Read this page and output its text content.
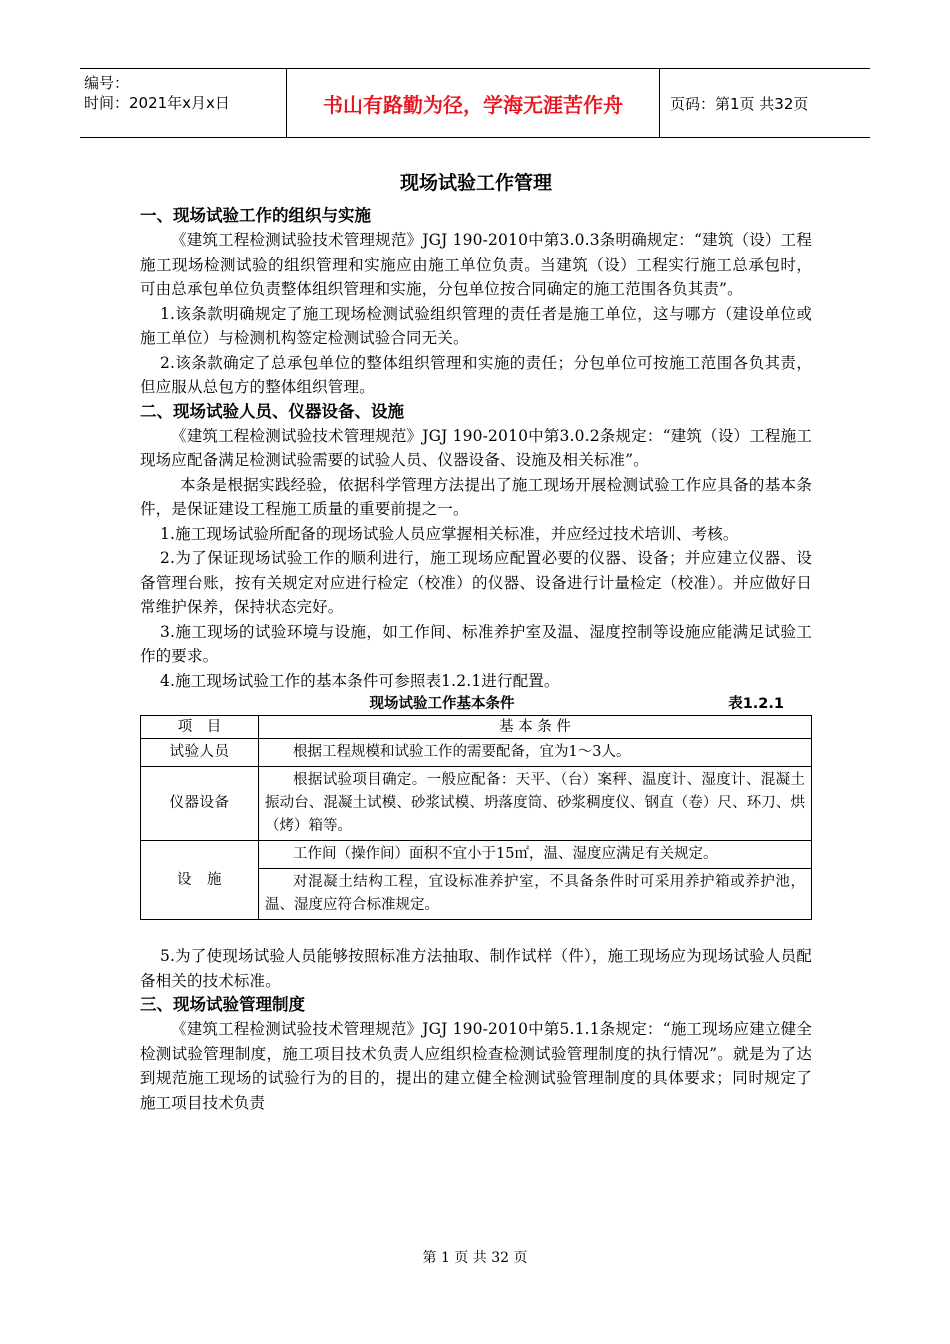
编号：
时间：2021年x月x日	书山有路勤为径，学海无涯苦作舟	页码：第1页 共32页
现场试验工作管理
一、现场试验工作的组织与实施

《建筑工程检测试验技术管理规范》JGJ 190-2010中第3.0.3条明确规定：“建筑（设）工程施工现场检测试验的组织管理和实施应由施工单位负责。当建筑（设）工程实行施工总承包时，可由总承包单位负责整体组织管理和实施，分包单位按合同确定的施工范围各负其责”。

1.该条款明确规定了施工现场检测试验组织管理的责任者是施工单位，这与哪方（建设单位或施工单位）与检测机构签定检测试验合同无关。

2.该条款确定了总承包单位的整体组织管理和实施的责任；分包单位可按施工范围各负其责，但应服从总包方的整体组织管理。

二、现场试验人员、仪器设备、设施

《建筑工程检测试验技术管理规范》JGJ 190-2010中第3.0.2条规定：“建筑（设）工程施工现场应配备满足检测试验需要的试验人员、仪器设备、设施及相关标准”。

本条是根据实践经验，依据科学管理方法提出了施工现场开展检测试验工作应具备的基本条件，是保证建设工程施工质量的重要前提之一。

1.施工现场试验所配备的现场试验人员应掌握相关标准，并应经过技术培训、考核。

2.为了保证现场试验工作的顺利进行，施工现场应配置必要的仪器、设备；并应建立仪器、设备管理台账，按有关规定对应进行检定（校准）的仪器、设备进行计量检定（校准）。并应做好日常维护保养，保持状态完好。

3.施工现场的试验环境与设施，如工作间、标准养护室及温、湿度控制等设施应能满足试验工作的要求。

4.施工现场试验工作的基本条件可参照表1.2.1进行配置。

现场试验工作基本条件	表1.2.1
项　目	基 本 条 件
试验人员	根据工程规模和试验工作的需要配备，宜为1～3人。
仪器设备	根据试验项目确定。一般应配备：天平、（台）案秤、温度计、湿度计、混凝土振动台、混凝土试模、砂浆试模、坍落度筒、砂浆稠度仪、钢直（卷）尺、环刀、烘（烤）箱等。
设　施	工作间（操作间）面积不宜小于15㎡，温、湿度应满足有关规定。
	对混凝土结构工程，宜设标准养护室，不具备条件时可采用养护箱或养护池，温、湿度应符合标准规定。

5.为了使现场试验人员能够按照标准方法抽取、制作试样（件），施工现场应为现场试验人员配备相关的技术标准。

三、现场试验管理制度

《建筑工程检测试验技术管理规范》JGJ 190-2010中第5.1.1条规定：“施工现场应建立健全检测试验管理制度，施工项目技术负责人应组织检查检测试验管理制度的执行情况”。就是为了达到规范施工现场的试验行为的目的，提出的建立健全检测试验管理制度的具体要求；同时规定了施工项目技术负责

第 1 页 共 32 页
